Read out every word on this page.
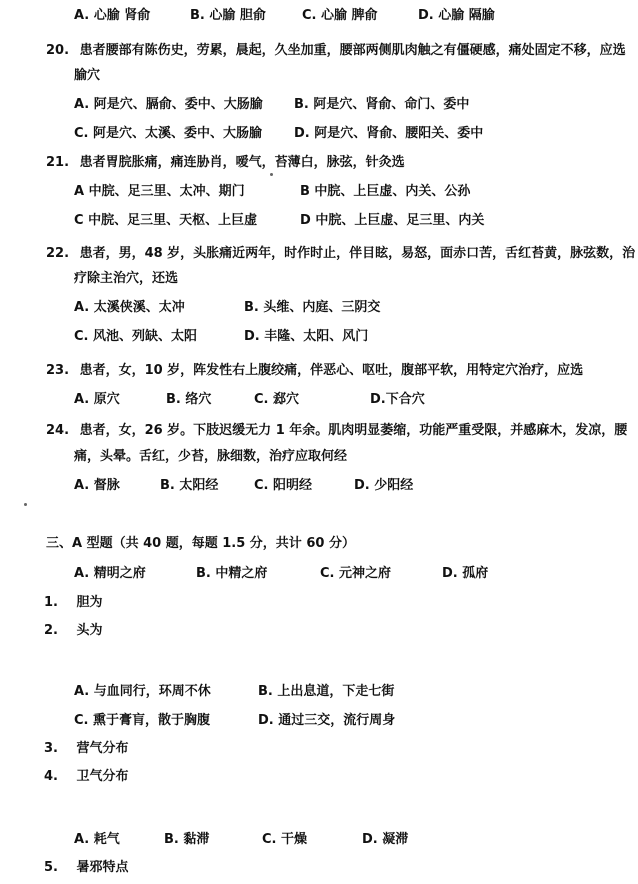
A. 心腧 肾俞	B. 心腧 胆俞	C. 心腧 脾俞	D. 心腧 隔腧
20. 患者腰部有陈伤史，劳累，晨起，久坐加重，腰部两侧肌肉触之有僵硬感，痛处固定不移，应选
腧穴
A. 阿是穴、膈俞、委中、大肠腧 B. 阿是穴、肾俞、命门、委中
C. 阿是穴、太溪、委中、大肠腧 D. 阿是穴、肾俞、腰阳关、委中
21. 患者胃脘胀痛，痛连胁肖，嗳气，苔薄白，脉弦，针灸选
A 中脘、足三里、太冲、期门	B 中脘、上巨虚、内关、公孙
C 中脘、足三里、天枢、上巨虚	D 中脘、上巨虚、足三里、内关
22. 患者，男，48 岁，头胀痛近两年，时作时止，伴目眩，易怒，面赤口苦，舌红苔黄，脉弦数，治
疗除主治穴，还选
A. 太溪侠溪、太冲	B. 头维、内庭、三阴交
C. 风池、列缺、太阳	D. 丰隆、太阳、风门
23. 患者，女，10 岁，阵发性右上腹绞痛，伴恶心、呕吐，腹部平软，用特定穴治疗，应选
A. 原穴	B. 络穴	C. 郄穴	D.下合穴
24. 患者，女，26 岁。下肢迟缓无力 1 年余。肌肉明显萎缩，功能严重受限，并感麻木，发凉，腰
痛，头晕。舌红，少苔，脉细数，治疗应取何经
A. 督脉	B. 太阳经	C. 阳明经	D. 少阳经
三、A 型题（共 40 题，每题 1.5 分，共计 60 分）
A. 精明之府	B. 中精之府	C. 元神之府	D. 孤府
1. 胆为
2. 头为
A. 与血同行，环周不休	B. 上出息道，下走七街
C. 熏于膏肓，散于胸腹	D. 通过三交，流行周身
3. 营气分布
4. 卫气分布
A. 耗气	B. 黏滞	C. 干燥	D. 凝滞
5. 暑邪特点
